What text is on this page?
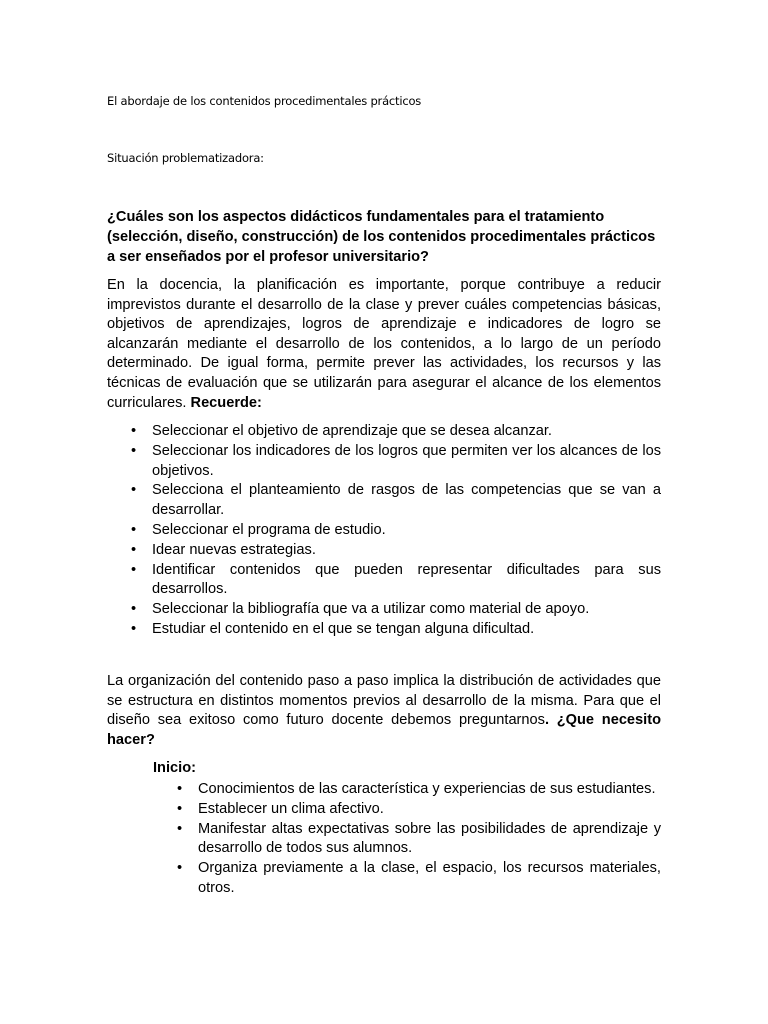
El abordaje de los contenidos procedimentales prácticos

Situación problematizadora:

¿Cuáles son los aspectos didácticos fundamentales para el tratamiento (selección, diseño, construcción) de los contenidos procedimentales prácticos a ser enseñados por el profesor universitario?

En la docencia, la planificación es importante, porque contribuye a reducir imprevistos durante el desarrollo de la clase y prever cuáles competencias básicas, objetivos de aprendizajes, logros de aprendizaje e indicadores de logro se alcanzarán mediante el desarrollo de los contenidos, a lo largo de un período determinado. De igual forma, permite prever las actividades, los recursos y las técnicas de evaluación que se utilizarán para asegurar el alcance de los elementos curriculares. Recuerde:

• Seleccionar el objetivo de aprendizaje que se desea alcanzar.
• Seleccionar los indicadores de los logros que permiten ver los alcances de los objetivos.
• Selecciona el planteamiento de rasgos de las competencias que se van a desarrollar.
• Seleccionar el programa de estudio.
• Idear nuevas estrategias.
• Identificar contenidos que pueden representar dificultades para sus desarrollos.
• Seleccionar la bibliografía que va a utilizar como material de apoyo.
• Estudiar el contenido en el que se tengan alguna dificultad.

La organización del contenido paso a paso implica la distribución de actividades que se estructura en distintos momentos previos al desarrollo de la misma. Para que el diseño sea exitoso como futuro docente debemos preguntarnos. ¿Que necesito hacer?

Inicio:

• Conocimientos de las característica y experiencias de sus estudiantes.
• Establecer un clima afectivo.
• Manifestar altas expectativas sobre las posibilidades de aprendizaje y desarrollo de todos sus alumnos.
• Organiza previamente a la clase, el espacio, los recursos materiales, otros.
